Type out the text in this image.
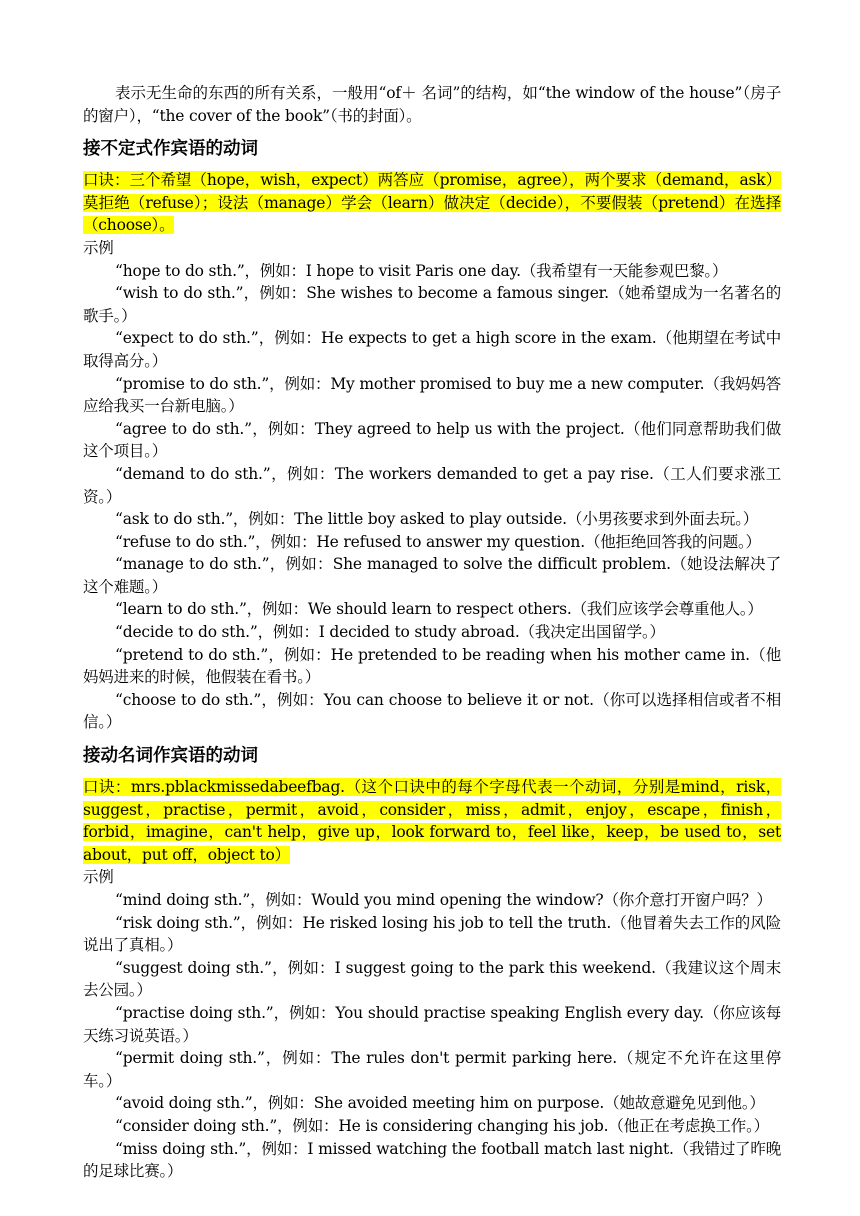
表示无生命的东西的所有关系，一般用“of＋ 名词”的结构，如“the window of the house”（房子的窗户），“the cover of the book”（书的封面）。

接不定式作宾语的动词

口诀：三个希望（hope，wish，expect）两答应（promise，agree），两个要求（demand，ask）莫拒绝（refuse）；设法（manage）学会（learn）做决定（decide），不要假装（pretend）在选择（choose）。

示例

“hope to do sth.”，例如：I hope to visit Paris one day.（我希望有一天能参观巴黎。）

“wish to do sth.”，例如：She wishes to become a famous singer.（她希望成为一名著名的歌手。）

“expect to do sth.”，例如：He expects to get a high score in the exam.（他期望在考试中取得高分。）

“promise to do sth.”，例如：My mother promised to buy me a new computer.（我妈妈答应给我买一台新电脑。）

“agree to do sth.”，例如：They agreed to help us with the project.（他们同意帮助我们做这个项目。）

“demand to do sth.”，例如：The workers demanded to get a pay rise.（工人们要求涨工资。）

“ask to do sth.”，例如：The little boy asked to play outside.（小男孩要求到外面去玩。）

“refuse to do sth.”，例如：He refused to answer my question.（他拒绝回答我的问题。）

“manage to do sth.”，例如：She managed to solve the difficult problem.（她设法解决了这个难题。）

“learn to do sth.”，例如：We should learn to respect others.（我们应该学会尊重他人。）

“decide to do sth.”，例如：I decided to study abroad.（我决定出国留学。）

“pretend to do sth.”，例如：He pretended to be reading when his mother came in.（他妈妈进来的时候，他假装在看书。）

“choose to do sth.”，例如：You can choose to believe it or not.（你可以选择相信或者不相信。）

接动名词作宾语的动词

口诀：mrs.pblackmissedabeefbag.（这个口诀中的每个字母代表一个动词，分别是mind，risk，suggest，practise，permit，avoid，consider，miss，admit，enjoy，escape，finish，forbid，imagine，can't help，give up，look forward to，feel like，keep，be used to，set about，put off，object to）

示例

“mind doing sth.”，例如：Would you mind opening the window?（你介意打开窗户吗？）

“risk doing sth.”，例如：He risked losing his job to tell the truth.（他冒着失去工作的风险说出了真相。）

“suggest doing sth.”，例如：I suggest going to the park this weekend.（我建议这个周末去公园。）

“practise doing sth.”，例如：You should practise speaking English every day.（你应该每天练习说英语。）

“permit doing sth.”，例如：The rules don't permit parking here.（规定不允许在这里停车。）

“avoid doing sth.”，例如：She avoided meeting him on purpose.（她故意避免见到他。）

“consider doing sth.”，例如：He is considering changing his job.（他正在考虑换工作。）

“miss doing sth.”，例如：I missed watching the football match last night.（我错过了昨晚的足球比赛。）
